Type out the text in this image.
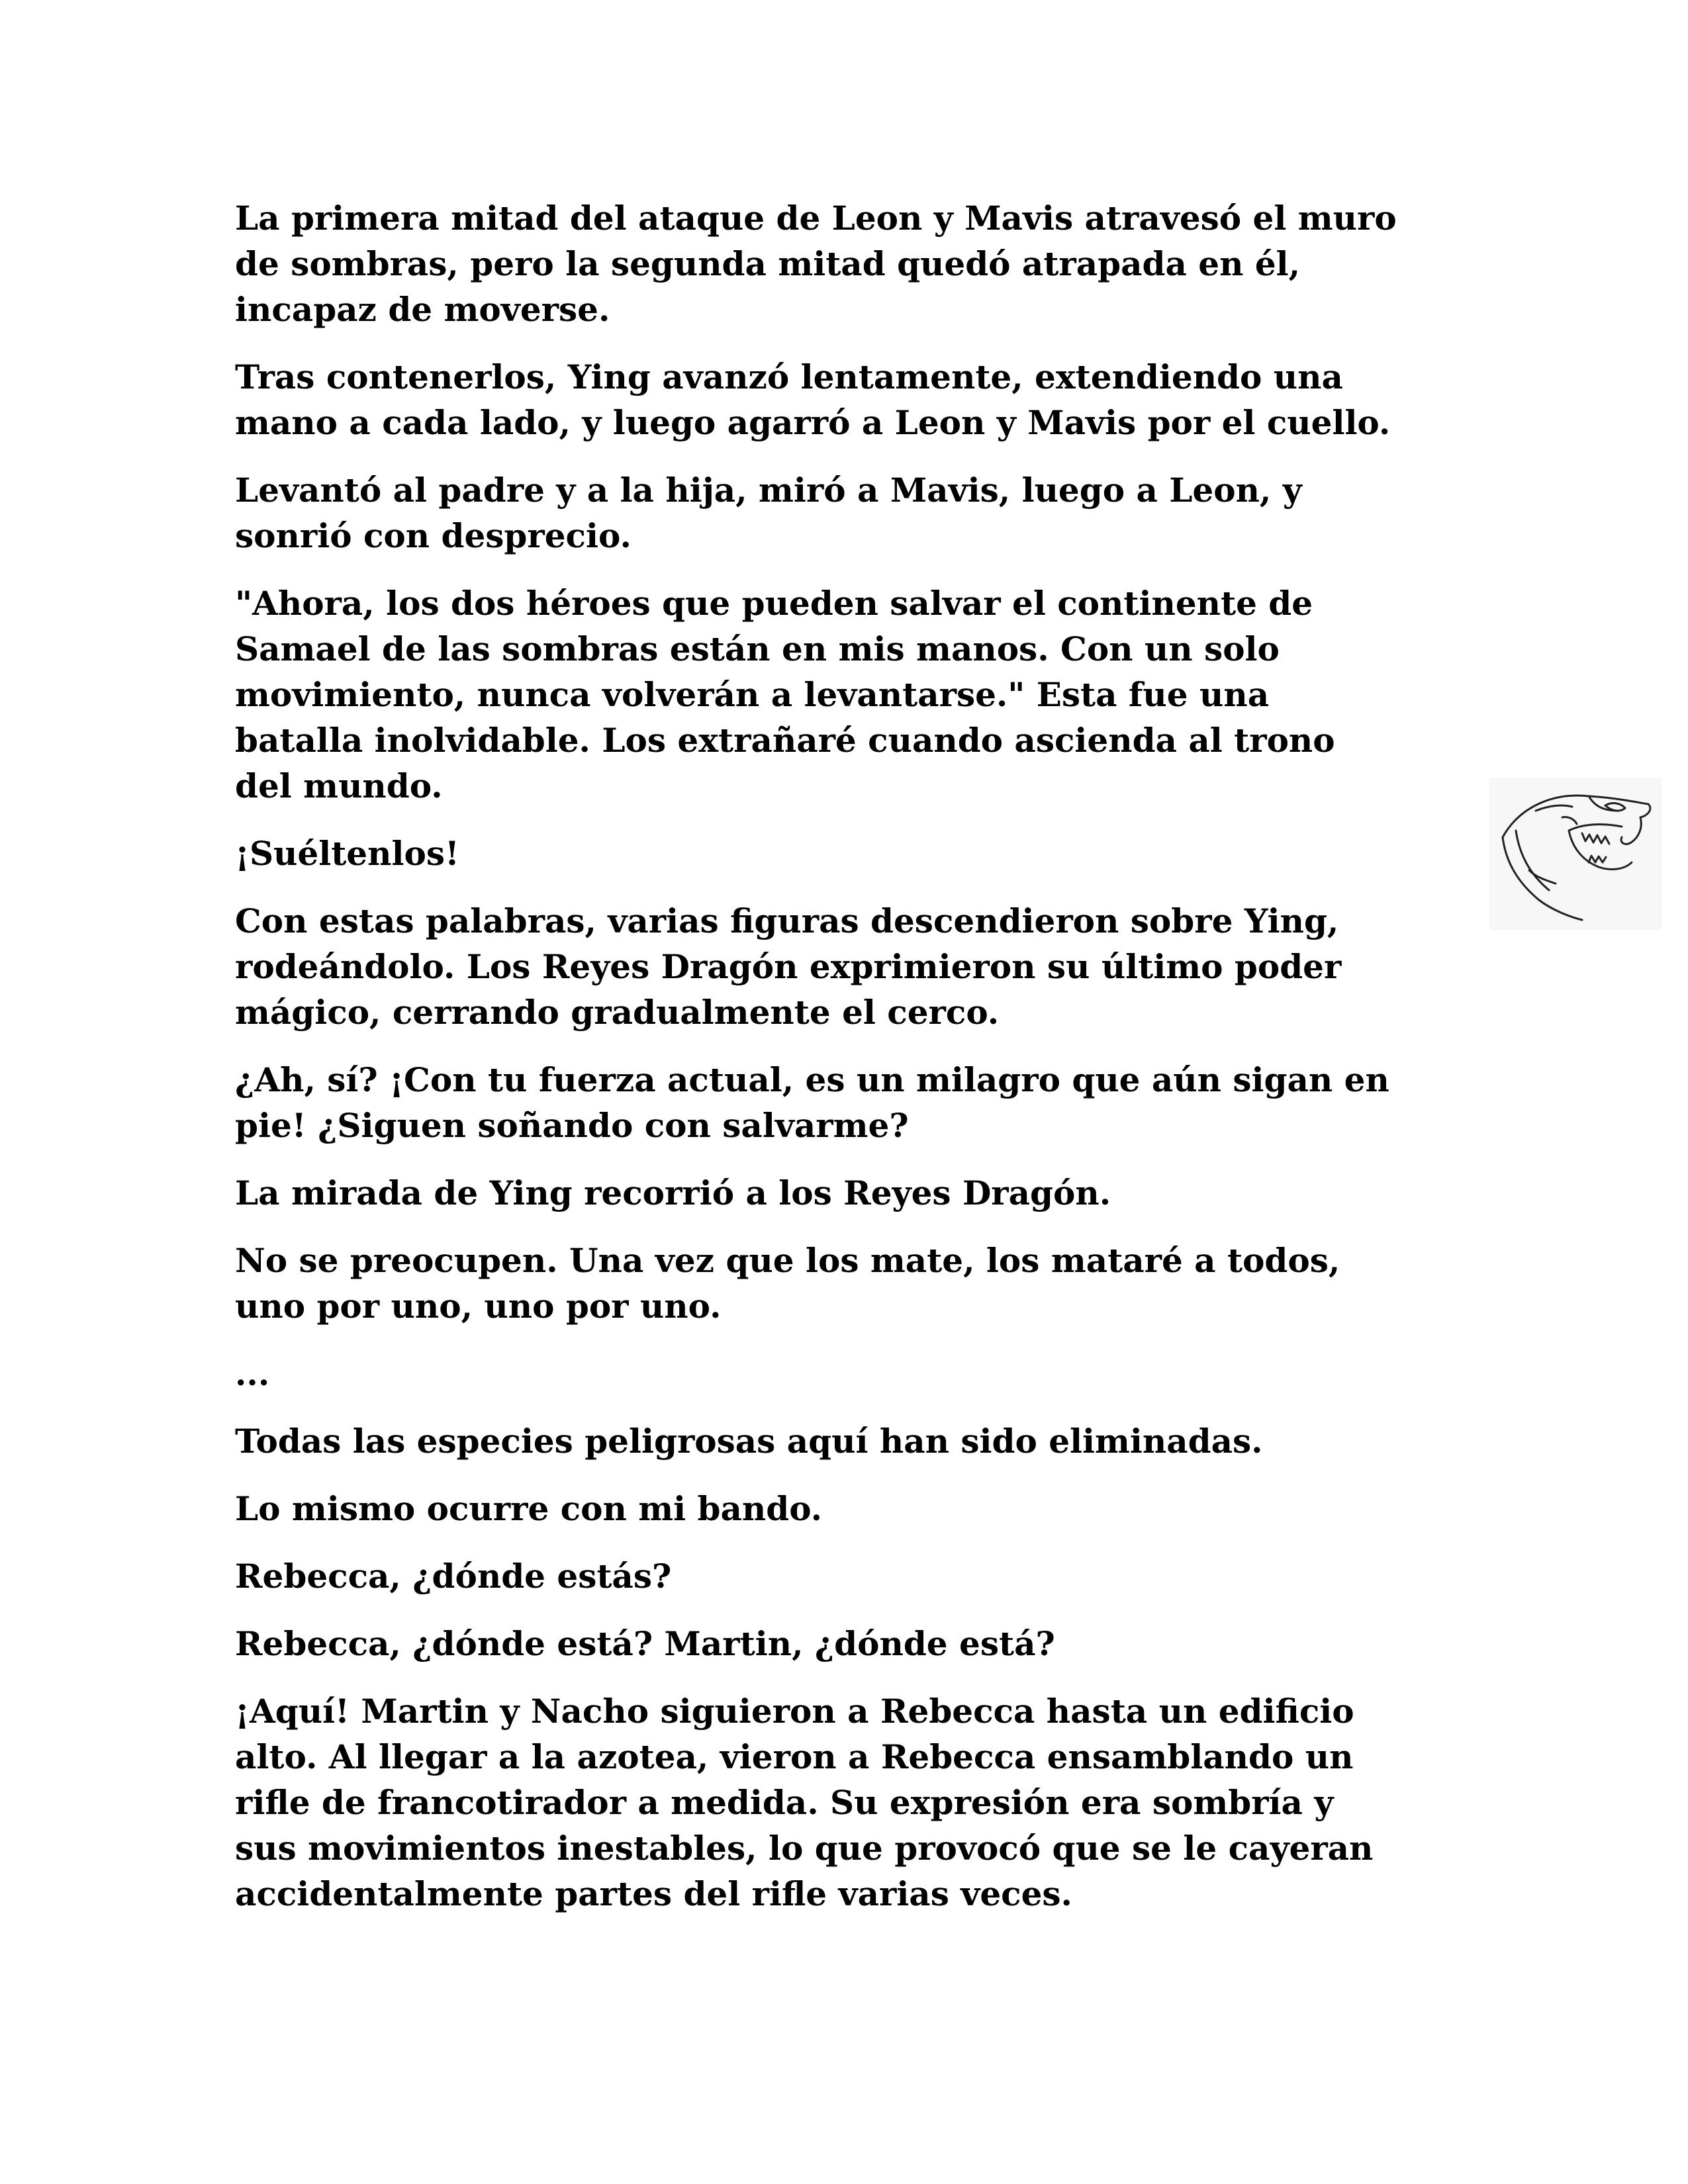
La primera mitad del ataque de Leon y Mavis atravesó el muro
de sombras, pero la segunda mitad quedó atrapada en él,
incapaz de moverse.

Tras contenerlos, Ying avanzó lentamente, extendiendo una
mano a cada lado, y luego agarró a Leon y Mavis por el cuello.

Levantó al padre y a la hija, miró a Mavis, luego a Leon, y
sonrió con desprecio.

"Ahora, los dos héroes que pueden salvar el continente de
Samael de las sombras están en mis manos. Con un solo
movimiento, nunca volverán a levantarse." Esta fue una
batalla inolvidable. Los extrañaré cuando ascienda al trono
del mundo.

¡Suéltenlos!

Con estas palabras, varias figuras descendieron sobre Ying,
rodeándolo. Los Reyes Dragón exprimieron su último poder
mágico, cerrando gradualmente el cerco.

¿Ah, sí? ¡Con tu fuerza actual, es un milagro que aún sigan en
pie! ¿Siguen soñando con salvarme?

La mirada de Ying recorrió a los Reyes Dragón.

No se preocupen. Una vez que los mate, los mataré a todos,
uno por uno, uno por uno.

...

Todas las especies peligrosas aquí han sido eliminadas.

Lo mismo ocurre con mi bando.

Rebecca, ¿dónde estás?

Rebecca, ¿dónde está? Martin, ¿dónde está?

¡Aquí! Martin y Nacho siguieron a Rebecca hasta un edificio
alto. Al llegar a la azotea, vieron a Rebecca ensamblando un
rifle de francotirador a medida. Su expresión era sombría y
sus movimientos inestables, lo que provocó que se le cayeran
accidentalmente partes del rifle varias veces.
